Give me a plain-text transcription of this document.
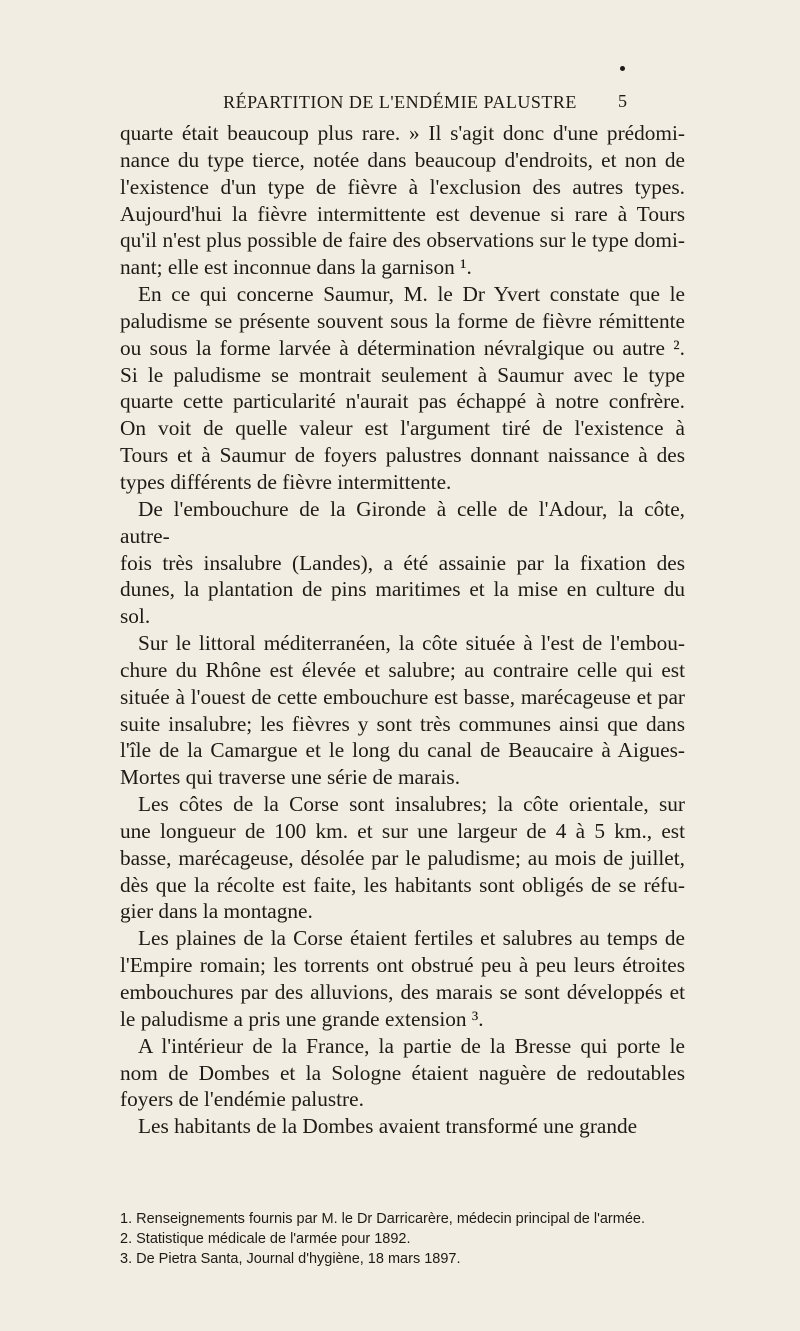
RÉPARTITION DE L'ENDÉMIE PALUSTRE	5

quarte était beaucoup plus rare. » Il s'agit donc d'une prédomi-
nance du type tierce, notée dans beaucoup d'endroits, et non de
l'existence d'un type de fièvre à l'exclusion des autres types.
Aujourd'hui la fièvre intermittente est devenue si rare à Tours
qu'il n'est plus possible de faire des observations sur le type domi-
nant; elle est inconnue dans la garnison ¹.

En ce qui concerne Saumur, M. le Dr Yvert constate que le
paludisme se présente souvent sous la forme de fièvre rémittente
ou sous la forme larvée à détermination névralgique ou autre ².
Si le paludisme se montrait seulement à Saumur avec le type
quarte cette particularité n'aurait pas échappé à notre confrère.
On voit de quelle valeur est l'argument tiré de l'existence à
Tours et à Saumur de foyers palustres donnant naissance à des
types différents de fièvre intermittente.

De l'embouchure de la Gironde à celle de l'Adour, la côte, autre-
fois très insalubre (Landes), a été assainie par la fixation des
dunes, la plantation de pins maritimes et la mise en culture du
sol.

Sur le littoral méditerranéen, la côte située à l'est de l'embou-
chure du Rhône est élevée et salubre; au contraire celle qui est
située à l'ouest de cette embouchure est basse, marécageuse et par
suite insalubre; les fièvres y sont très communes ainsi que dans
l'île de la Camargue et le long du canal de Beaucaire à Aigues-
Mortes qui traverse une série de marais.

Les côtes de la Corse sont insalubres; la côte orientale, sur
une longueur de 100 km. et sur une largeur de 4 à 5 km., est
basse, marécageuse, désolée par le paludisme; au mois de juillet,
dès que la récolte est faite, les habitants sont obligés de se réfu-
gier dans la montagne.

Les plaines de la Corse étaient fertiles et salubres au temps de
l'Empire romain; les torrents ont obstrué peu à peu leurs étroites
embouchures par des alluvions, des marais se sont développés et
le paludisme a pris une grande extension ³.

A l'intérieur de la France, la partie de la Bresse qui porte le
nom de Dombes et la Sologne étaient naguère de redoutables
foyers de l'endémie palustre.

Les habitants de la Dombes avaient transformé une grande

1. Renseignements fournis par M. le Dr Darricarère, médecin principal de l'armée.
2. Statistique médicale de l'armée pour 1892.
3. De Pietra Santa, Journal d'hygiène, 18 mars 1897.
